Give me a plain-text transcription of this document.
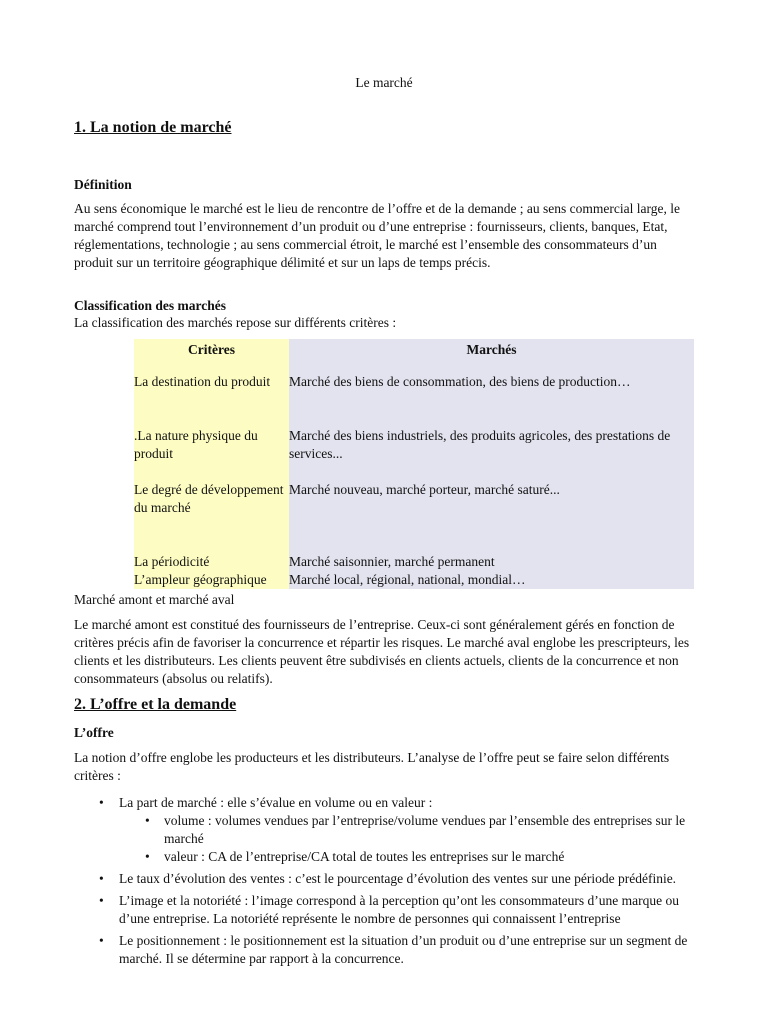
Le marché
1. La notion de marché
Définition
Au sens économique le marché est le lieu de rencontre de l’offre et de la demande ; au sens commercial large, le marché comprend tout l’environnement d’un produit ou d’une entreprise : fournisseurs, clients, banques, Etat, réglementations, technologie ; au sens commercial étroit, le marché est l’ensemble des consommateurs d’un produit sur un territoire géographique délimité et sur un laps de temps précis.
Classification des marchés
La classification des marchés repose sur différents critères :
Critères	Marchés

La destination du produit	Marché des biens de consommation, des biens de production…

.La nature physique du produit	Marché des biens industriels, des produits agricoles, des prestations de services...

Le degré de développement du marché	Marché nouveau, marché porteur, marché saturé...

La périodicité	Marché saisonnier, marché permanent

L’ampleur géographique	Marché local, régional, national, mondial…
Marché amont et marché aval
Le marché amont est constitué des fournisseurs de l’entreprise. Ceux-ci sont généralement gérés en fonction de critères précis afin de favoriser la concurrence et répartir les risques. Le marché aval englobe les prescripteurs, les clients et les distributeurs. Les clients peuvent être subdivisés en clients actuels, clients de la concurrence et non consommateurs (absolus ou relatifs).
2. L’offre et la demande
L’offre
La notion d’offre englobe les producteurs et les distributeurs. L’analyse de l’offre peut se faire selon différents critères :
• La part de marché : elle s’évalue en volume ou en valeur :
• volume : volumes vendues par l’entreprise/volume vendues par l’ensemble des entreprises sur le marché
• valeur : CA de l’entreprise/CA total de toutes les entreprises sur le marché
• Le taux d’évolution des ventes : c’est le pourcentage d’évolution des ventes sur une période prédéfinie.
• L’image et la notoriété : l’image correspond à la perception qu’ont les consommateurs d’une marque ou d’une entreprise. La notoriété représente le nombre de personnes qui connaissent l’entreprise
• Le positionnement : le positionnement est la situation d’un produit ou d’une entreprise sur un segment de marché. Il se détermine par rapport à la concurrence.
